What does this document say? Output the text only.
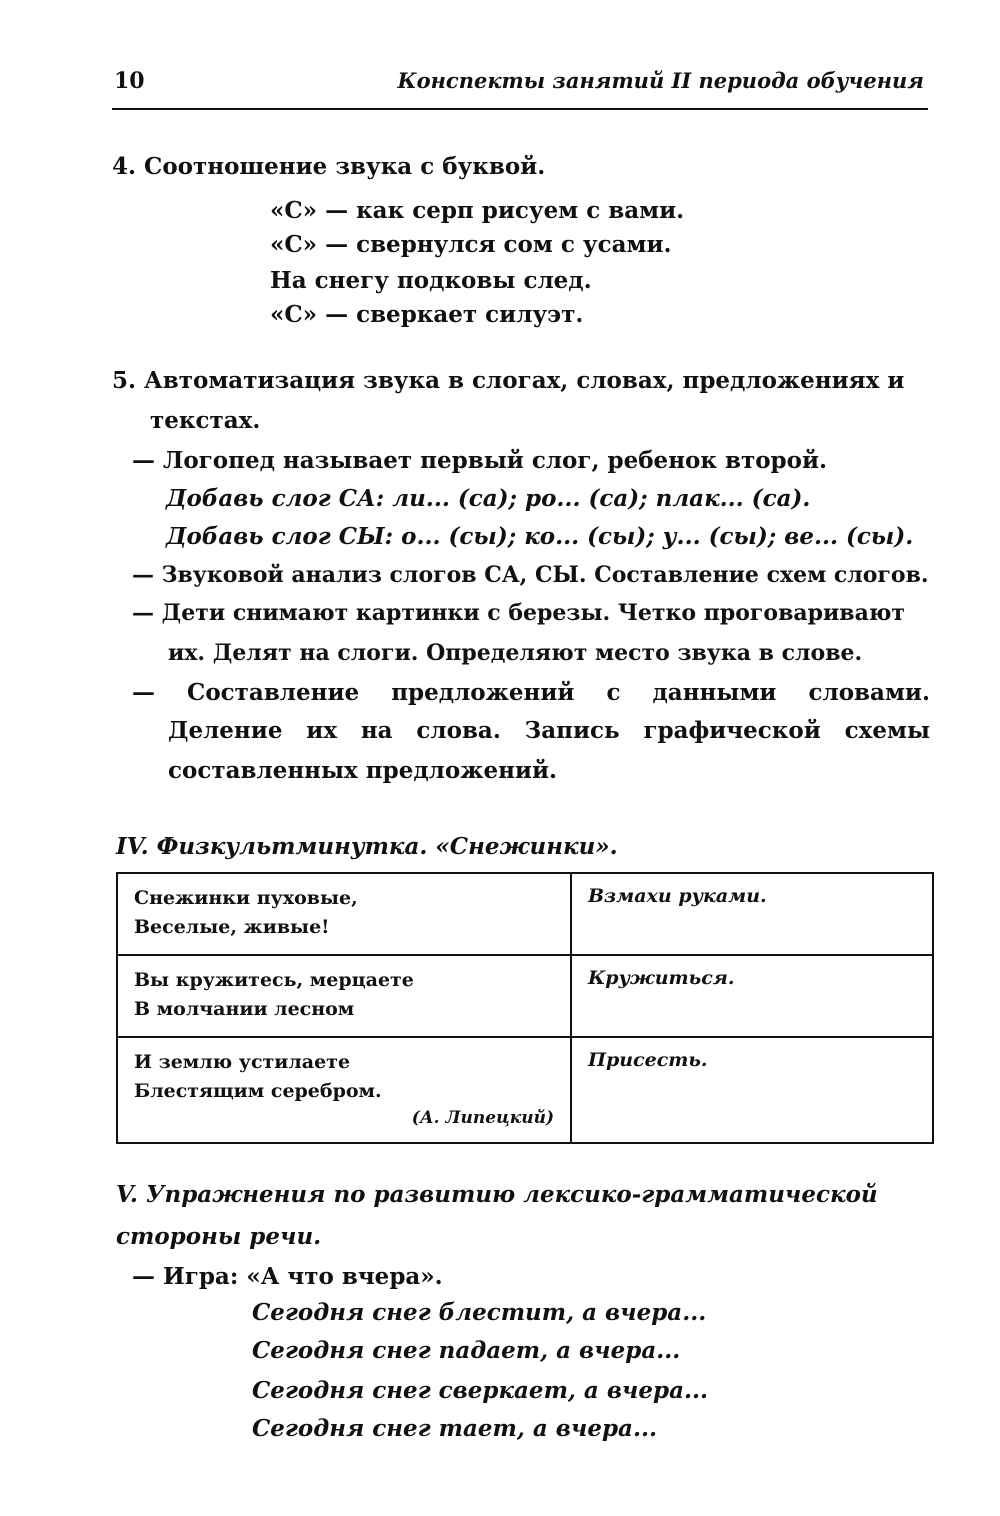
10	Конспекты занятий II периода обучения
4. Соотношение звука с буквой.
«С» — как серп рисуем с вами.
«С» — свернулся сом с усами.
На снегу подковы след.
«С» — сверкает силуэт.
5. Автоматизация звука в слогах, словах, предложениях и
текстах.
— Логопед называет первый слог, ребенок второй.
Добавь слог СА: ли... (са); ро... (са); плак... (са).
Добавь слог СЫ: о... (сы); ко... (сы); у... (сы); ве... (сы).
— Звуковой анализ слогов СА, СЫ. Составление схем слогов.
— Дети снимают картинки с березы. Четко проговаривают
их. Делят на слоги. Определяют место звука в слове.
— Составление предложений с данными словами.
Деление их на слова. Запись графической схемы
составленных предложений.
IV. Физкультминутка. «Снежинки».
Снежинки пуховые,
Веселые, живые!	Взмахи руками.

Вы кружитесь, мерцаете
В молчании лесном	Кружиться.

И землю устилаете
Блестящим серебром.
(А. Липецкий)	Присесть.
V. Упражнения по развитию лексико-грамматической
стороны речи.
— Игра: «А что вчера».
Сегодня снег блестит, а вчера...
Сегодня снег падает, а вчера...
Сегодня снег сверкает, а вчера...
Сегодня снег тает, а вчера...
